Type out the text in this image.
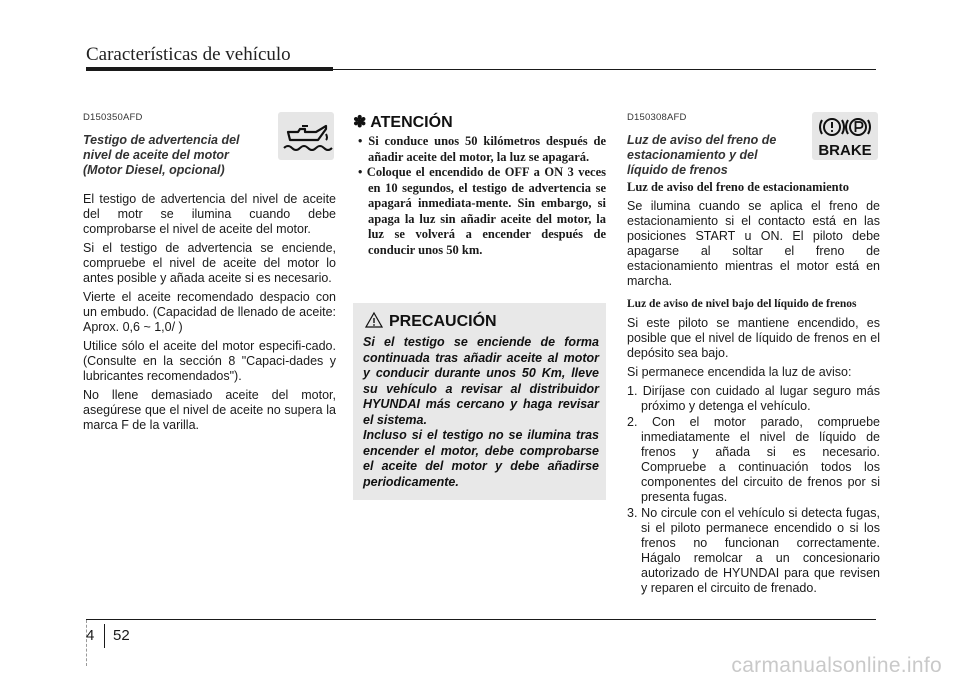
Características de vehículo

D150350AFD

Testigo de advertencia del
nivel de aceite del motor
(Motor Diesel, opcional)

El testigo de advertencia del nivel de aceite del motr se ilumina cuando debe comprobarse el nivel de aceite del motor.

Si el testigo de advertencia se enciende, compruebe el nivel de aceite del motor lo antes posible y añada aceite si es necesario.

Vierte el aceite recomendado despacio con un embudo. (Capacidad de llenado de aceite: Aprox. 0,6 ~ 1,0/ )

Utilice sólo el aceite del motor especifi-cado. (Consulte en la sección 8 "Capaci-dades y lubricantes recomendados").

No llene demasiado aceite del motor, asegúrese que el nivel de aceite no supera la marca F de la varilla.

✽ ATENCIÓN

• Si conduce unos 50 kilómetros después de añadir aceite del motor, la luz se apagará.
• Coloque el encendido de OFF a ON 3 veces en 10 segundos, el testigo de advertencia se apagará inmediata-mente. Sin embargo, si apaga la luz sin añadir aceite del motor, la luz se volverá a encender después de conducir unos 50 km.
PRECAUCIÓN

Si el testigo se enciende de forma continuada tras añadir aceite al motor y conducir durante unos 50 Km, lleve su vehículo a revisar al distribuidor HYUNDAI más cercano y haga revisar el sistema.

Incluso si el testigo no se ilumina tras encender el motor, debe comprobarse el aceite del motor y debe añadirse periodicamente.

D150308AFD

Luz de aviso del freno de
estacionamiento y del
líquido de frenos

Luz de aviso del freno de estacionamiento

Se ilumina cuando se aplica el freno de estacionamiento si el contacto está en las posiciones START u ON. El piloto debe apagarse al soltar el freno de estacionamiento mientras el motor está en marcha.

Luz de aviso de nivel bajo del líquido de frenos

Si este piloto se mantiene encendido, es posible que el nivel de líquido de frenos en el depósito sea bajo.

Si permanece encendida la luz de aviso:

1. Diríjase con cuidado al lugar seguro más próximo y detenga el vehículo.
2. Con el motor parado, compruebe inmediatamente el nivel de líquido de frenos y añada si es necesario. Compruebe a continuación todos los componentes del circuito de frenos por si presenta fugas.
3. No circule con el vehículo si detecta fugas, si el piloto permanece encendido o si los frenos no funcionan correctamente. Hágalo remolcar a un concesionario autorizado de HYUNDAI para que revisen y reparen el circuito de frenado.
BRAKE
4 52
carmanualsonline.info
